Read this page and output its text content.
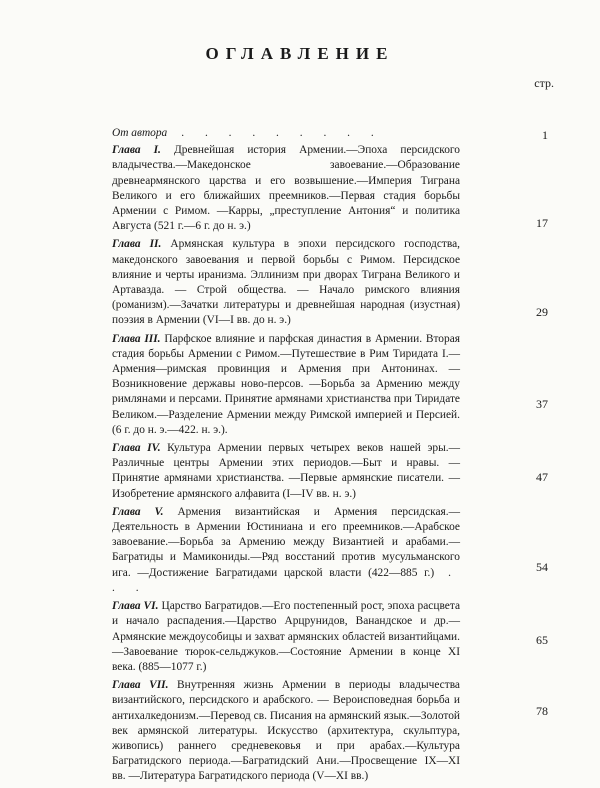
ОГЛАВЛЕНИЕ
стр.
От автора . . . . . . . . .
Глава I. Древнейшая история Армении.—Эпоха персидского владычества.—Македонское завоевание.—Образование древнеармянского царства и его возвышение.—Империя Тиграна Великого и его ближайших преемников.—Первая стадия борьбы Армении с Римом. —Карры, „преступление Антония“ и политика Августа (521 г.—6 г. до н. э.)
Глава II. Армянская культура в эпохи персидского господства, македонского завоевания и первой борьбы с Римом. Персидское влияние и черты иранизма. Эллинизм при дворах Тиграна Великого и Артавазда. — Строй общества. — Начало римского влияния (романизм).—Зачатки литературы и древнейшая народная (изустная) поэзия в Армении (VI—I вв. до н. э.)
Глава III. Парфское влияние и парфская династия в Армении. Вторая стадия борьбы Армении с Римом.—Путешествие в Рим Тиридата I.—Армения—римская провинция и Армения при Антонинах. —Возникновение державы ново-персов. —Борьба за Армению между римлянами и персами. Принятие армянами христианства при Тиридате Великом.—Разделение Армении между Римской империей и Персией. (6 г. до н. э.—422. н. э.).
Глава IV. Культура Армении первых четырех веков нашей эры.—Различные центры Армении этих периодов.—Быт и нравы. —Принятие армянами христианства. —Первые армянские писатели. —Изобретение армянского алфавита (I—IV вв. н. э.)
Глава V. Армения византийская и Армения персидская.— Деятельность в Армении Юстиниана и его преемников.—Арабское завоевание.—Борьба за Армению между Византией и арабами.—Багратиды и Мамикониды.—Ряд восстаний против мусульманского ига. —Достижение Багратидами царской власти (422—885 г.) . . .
Глава VI. Царство Багратидов.—Его постепенный рост, эпоха расцвета и начало распадения.—Царство Арцрунидов, Ванандское и др.—Армянские междоусобицы и захват армянских областей византийцами. —Завоевание тюрок-сельджуков.—Состояние Армении в конце XI века. (885—1077 г.)
Глава VII. Внутренняя жизнь Армении в периоды владычества византийского, персидского и арабского. — Вероисповедная борьба и антихалкедонизм.—Перевод св. Писания на армянский язык.—Золотой век армянской литературы. Искусство (архитектура, скульптура, живопись) раннего средневековья и при арабах.—Культура Багратидского периода.—Багратидский Ани.—Просвещение IX—XI вв. —Литература Багратидского периода (V—XI вв.)
1
17
29
37
47
54
65
78
